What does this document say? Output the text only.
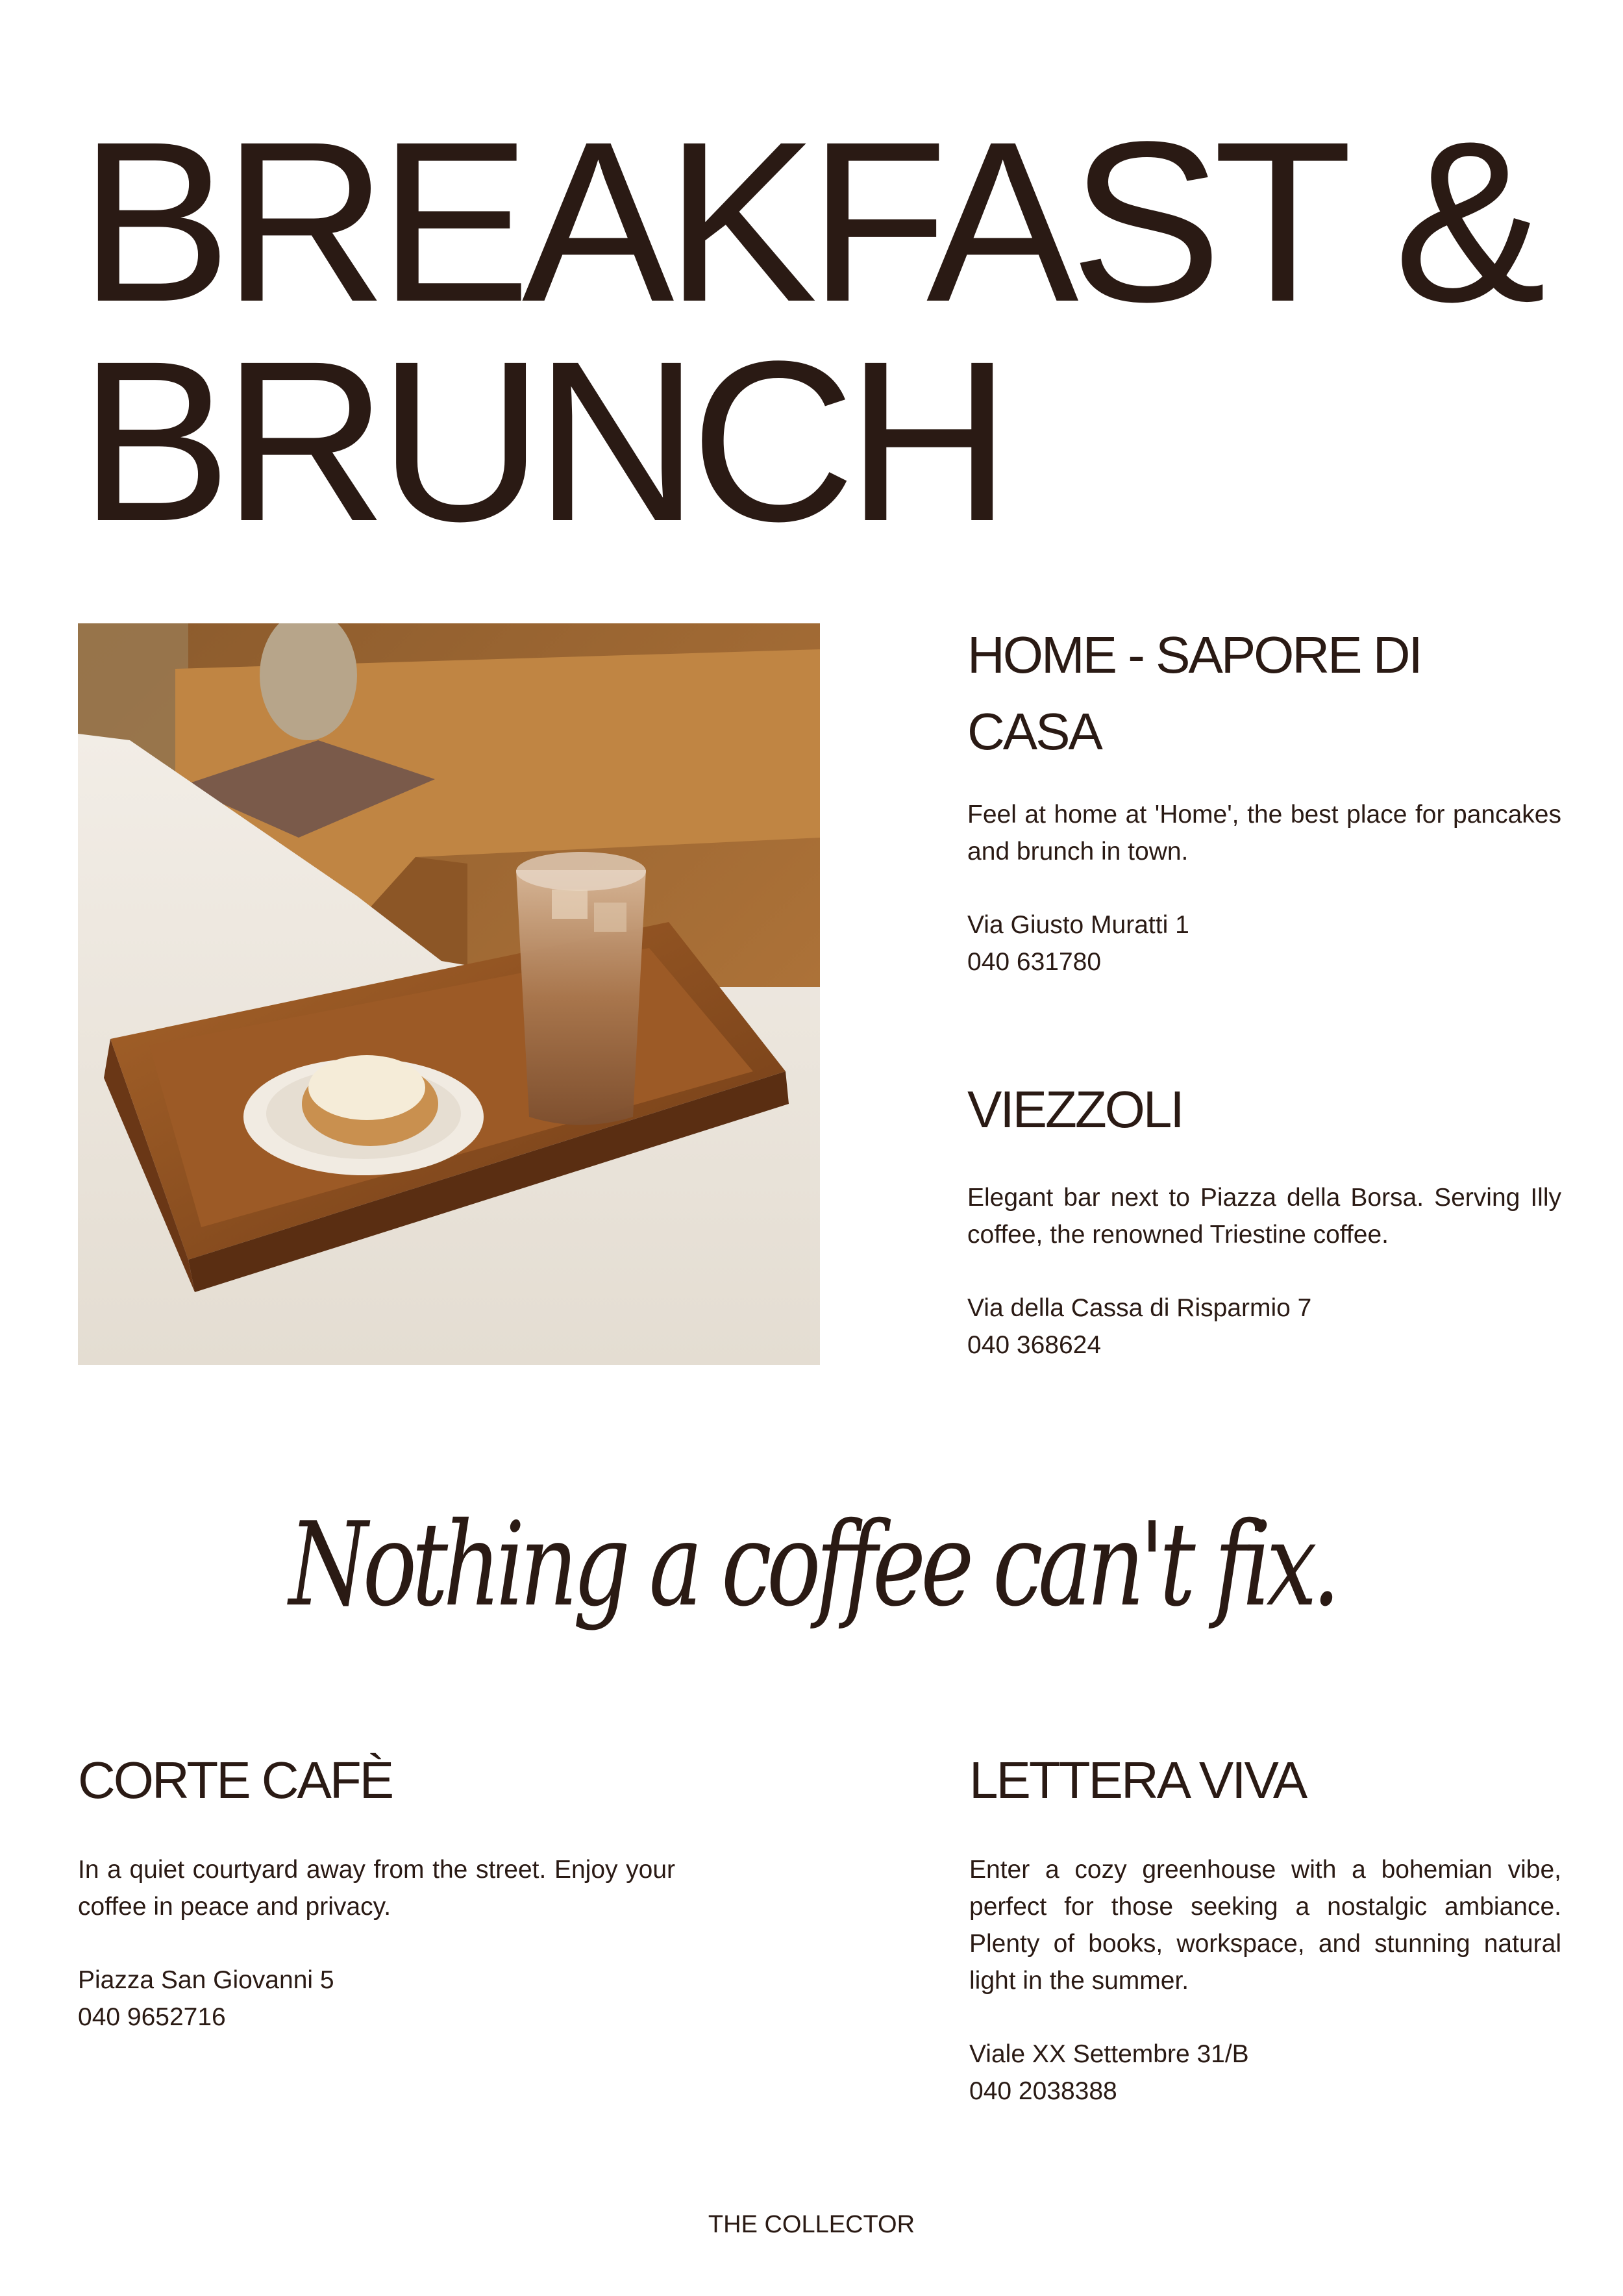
BREAKFAST &
BRUNCH
HOME - SAPORE DI CASA

Feel at home at 'Home', the best place for pancakes and brunch in town.

Via Giusto Muratti 1
040 631780

VIEZZOLI

Elegant bar next to Piazza della Borsa. Serving Illy coffee, the renowned Triestine coffee.

Via della Cassa di Risparmio 7
040 368624

Nothing a coffee can't fix.
CORTE CAFÈ

In a quiet courtyard away from the street. Enjoy your coffee in peace and privacy.

Piazza San Giovanni 5
040 9652716

LETTERA VIVA

Enter a cozy greenhouse with a bohemian vibe, perfect for those seeking a nostalgic ambiance. Plenty of books, workspace, and stunning natural light in the summer.

Viale XX Settembre 31/B
040 2038388

THE COLLECTOR
